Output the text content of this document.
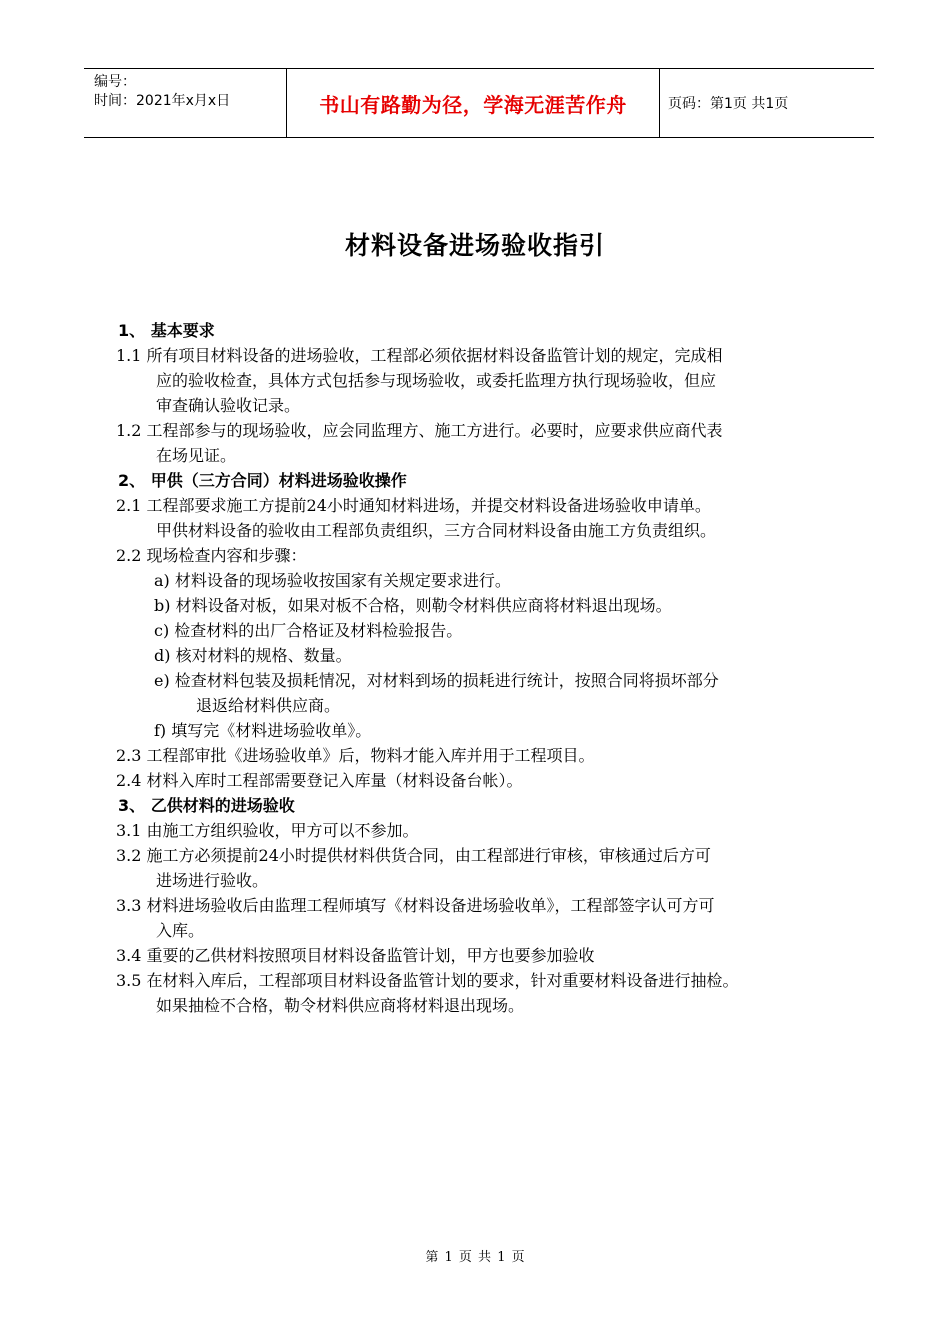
编号：
时间：2021年x月x日	书山有路勤为径，学海无涯苦作舟	页码：第1页 共1页
材料设备进场验收指引
1、 基本要求
1.1 所有项目材料设备的进场验收，工程部必须依据材料设备监管计划的规定，完成相
应的验收检查，具体方式包括参与现场验收，或委托监理方执行现场验收，但应
审查确认验收记录。
1.2 工程部参与的现场验收，应会同监理方、施工方进行。必要时，应要求供应商代表
在场见证。
2、 甲供（三方合同）材料进场验收操作
2.1 工程部要求施工方提前24小时通知材料进场，并提交材料设备进场验收申请单。
甲供材料设备的验收由工程部负责组织，三方合同材料设备由施工方负责组织。
2.2 现场检查内容和步骤：
a) 材料设备的现场验收按国家有关规定要求进行。
b) 材料设备对板，如果对板不合格，则勒令材料供应商将材料退出现场。
c) 检查材料的出厂合格证及材料检验报告。
d) 核对材料的规格、数量。
e) 检查材料包装及损耗情况，对材料到场的损耗进行统计，按照合同将损坏部分
退返给材料供应商。
f) 填写完《材料进场验收单》。
2.3 工程部审批《进场验收单》后，物料才能入库并用于工程项目。
2.4 材料入库时工程部需要登记入库量（材料设备台帐）。
3、 乙供材料的进场验收
3.1 由施工方组织验收，甲方可以不参加。
3.2 施工方必须提前24小时提供材料供货合同，由工程部进行审核，审核通过后方可
进场进行验收。
3.3 材料进场验收后由监理工程师填写《材料设备进场验收单》，工程部签字认可方可
入库。
3.4 重要的乙供材料按照项目材料设备监管计划，甲方也要参加验收
3.5 在材料入库后，工程部项目材料设备监管计划的要求，针对重要材料设备进行抽检。
如果抽检不合格，勒令材料供应商将材料退出现场。
第 1 页 共 1 页
